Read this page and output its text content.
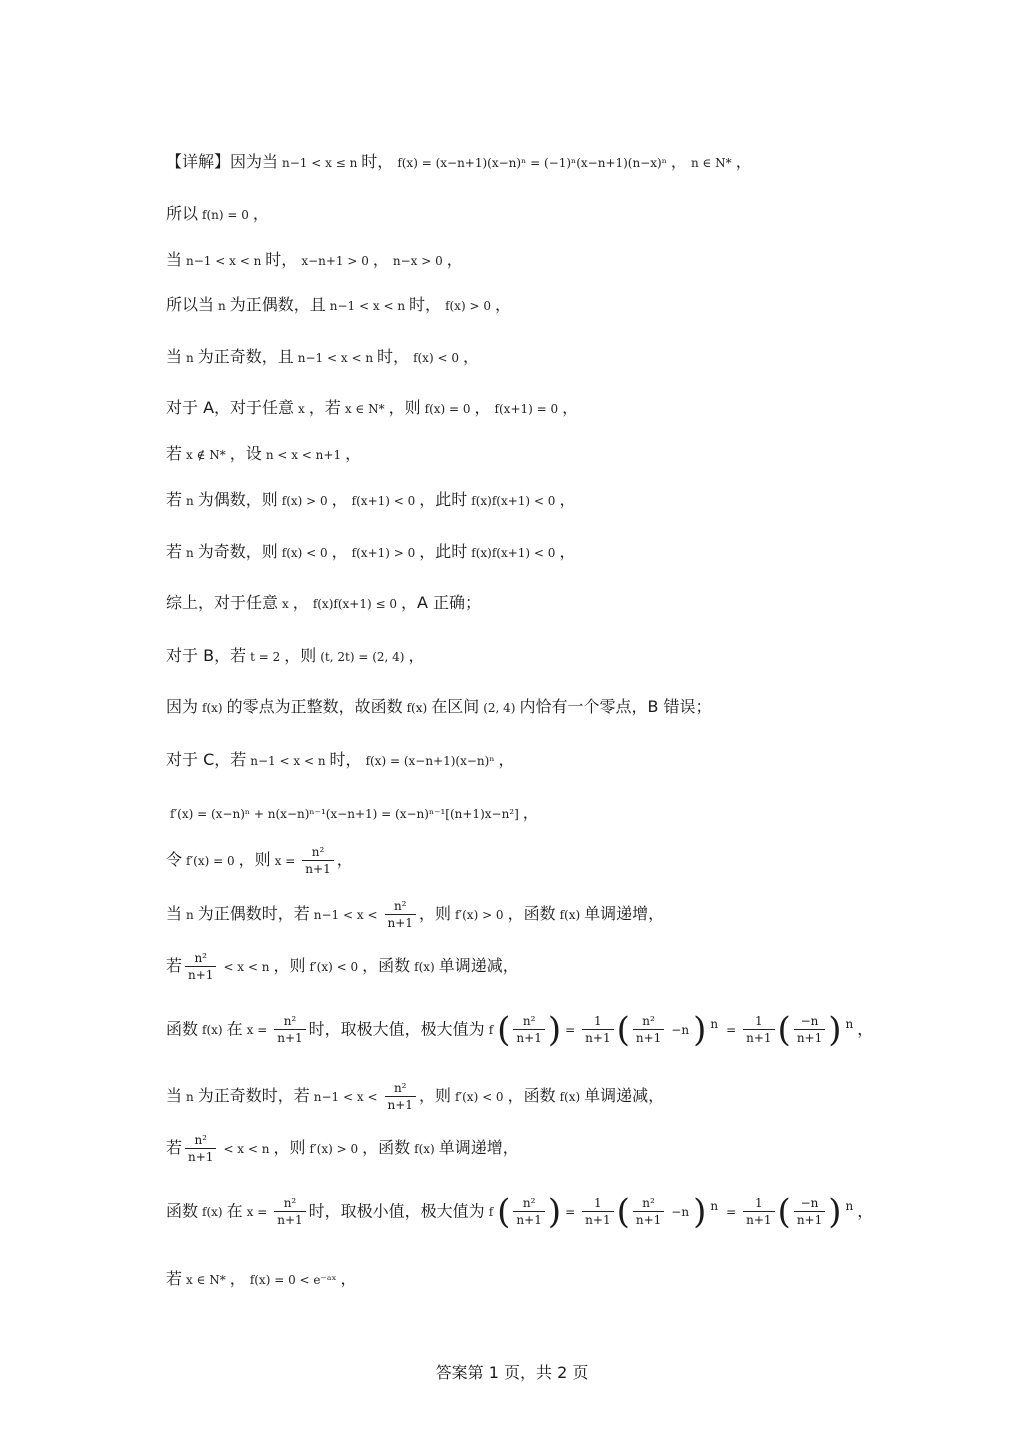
【详解】因为当 n−1 < x ≤ n 时， f(x) = (x−n+1)(x−n)ⁿ = (−1)ⁿ(x−n+1)(n−x)ⁿ ， n ∈ N* ，
所以 f(n) = 0 ，
当 n−1 < x < n 时， x−n+1 > 0 ， n−x > 0 ，
所以当 n 为正偶数，且 n−1 < x < n 时， f(x) > 0 ，
当 n 为正奇数，且 n−1 < x < n 时， f(x) < 0 ，
对于 A，对于任意 x ，若 x ∈ N* ，则 f(x) = 0 ， f(x+1) = 0 ，
若 x ∉ N* ，设 n < x < n+1 ，
若 n 为偶数，则 f(x) > 0 ， f(x+1) < 0 ，此时 f(x)f(x+1) < 0 ，
若 n 为奇数，则 f(x) < 0 ， f(x+1) > 0 ，此时 f(x)f(x+1) < 0 ，
综上，对于任意 x ， f(x)f(x+1) ≤ 0 ，A 正确；
对于 B，若 t = 2 ，则 (t, 2t) = (2, 4) ，
因为 f(x) 的零点为正整数，故函数 f(x) 在区间 (2, 4) 内恰有一个零点，B 错误；
对于 C，若 n−1 < x < n 时， f(x) = (x−n+1)(x−n)ⁿ ，
f′(x) = (x−n)ⁿ + n(x−n)ⁿ⁻¹(x−n+1) = (x−n)ⁿ⁻¹[(n+1)x−n²] ，
令 f′(x) = 0 ，则 $x = \frac{\text{n²}}{n+1}$ ，
当 n 为正偶数时，若 $n-1 < x < \frac{\text{n²}}{n+1}$ ，则 f′(x) > 0 ，函数 f(x) 单调递增，
若 $\frac{\text{n²}}{n+1} < x < n$ ，则 f′(x) < 0 ，函数 f(x) 单调递减，
函数 f(x) 在 $x = \frac{\text{n²}}{n+1}$ 时，取极大值，极大值为 f ( $\frac{\text{n²}}{n+1}$ ) = $\frac{1}{n+1}$ ( $\frac{\text{n²}}{n+1} -n$ ) $^n = \frac{1}{n+1}$ ( $\frac{-n}{n+1}$ ) $^n$ ，
当 n 为正奇数时，若 $n-1 < x < \frac{\text{n²}}{n+1}$ ，则 f′(x) < 0 ，函数 f(x) 单调递减，
若 $\frac{\text{n²}}{n+1} < x < n$ ，则 f′(x) > 0 ，函数 f(x) 单调递增，
函数 f(x) 在 $x = \frac{\text{n²}}{n+1}$ 时，取极小值，极大值为 f ( $\frac{\text{n²}}{n+1}$ ) = $\frac{1}{n+1}$ ( $\frac{\text{n²}}{n+1} -n$ ) $^n = \frac{1}{n+1}$ ( $\frac{-n}{n+1}$ ) $^n$ ，
若 x ∈ N* ， f(x) = 0 < e⁻ᵃˣ ，
答案第 1 页，共 2 页
